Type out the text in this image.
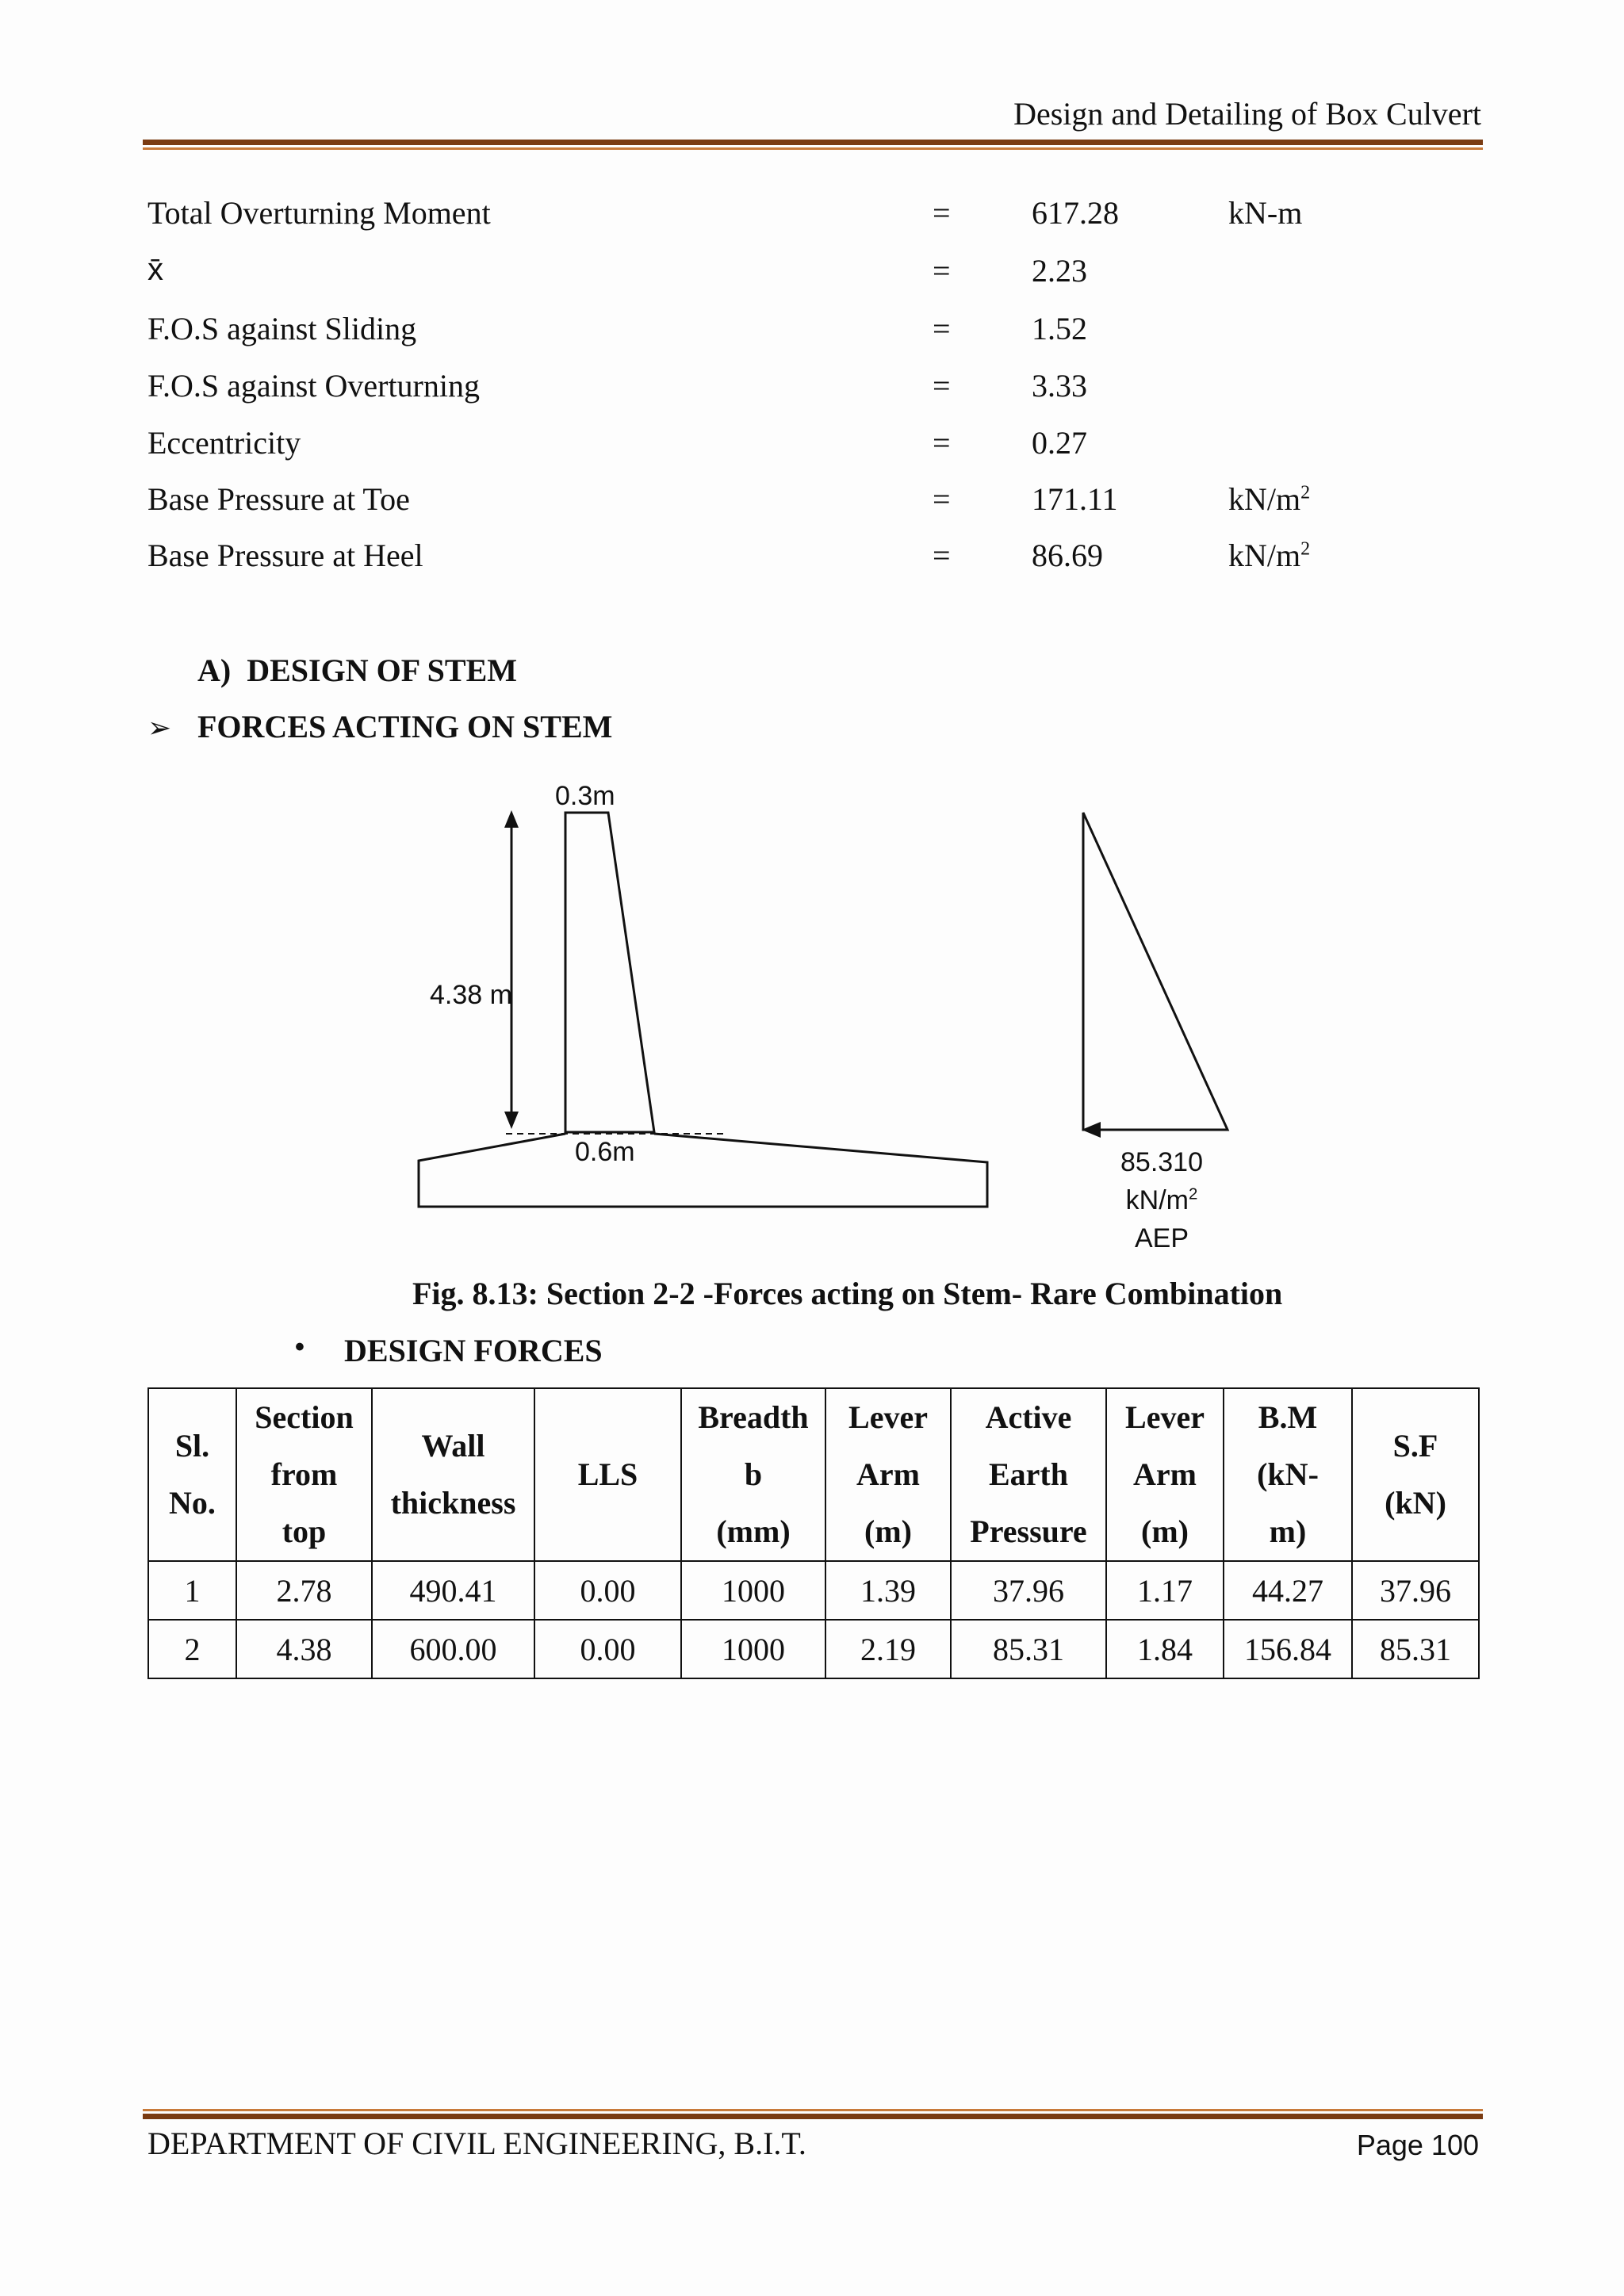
Design and Detailing of Box Culvert
Total Overturning Moment	=	617.28	kN-m
x̄	=	2.23
F.O.S against Sliding	=	1.52
F.O.S against Overturning	=	3.33
Eccentricity	=	0.27
Base Pressure at Toe	=	171.11	$kN/m^2$
Base Pressure at Heel	=	86.69	$kN/m^2$
A) DESIGN OF STEM
➢ FORCES ACTING ON STEM
0.3m
4.38 m
0.6m	85.310
$kN/m^2$
AEP
Fig. 8.13: Section 2-2 -Forces acting on Stem- Rare Combination
• DESIGN FORCES
Sl.
No.	Section
from
top	Wall
thickness	LLS	Breadth
b
(mm)	Lever
Arm
(m)	Active
Earth
Pressure	Lever
Arm
(m)	B.M
(kN-
m)	S.F
(kN)
1	2.78	490.41	0.00	1000	1.39	37.96	1.17	44.27	37.96
2	4.38	600.00	0.00	1000	2.19	85.31	1.84	156.84	85.31
DEPARTMENT OF CIVIL ENGINEERING, B.I.T.	Page 100
